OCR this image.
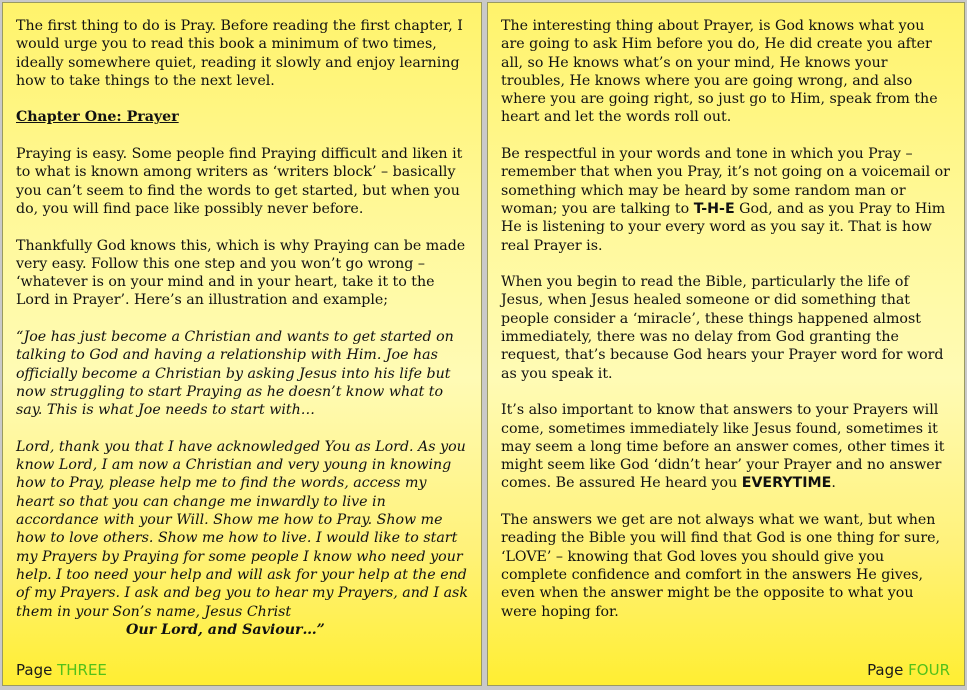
The first thing to do is Pray. Before reading the first chapter, I would urge you to read this book a minimum of two times, ideally somewhere quiet, reading it slowly and enjoy learning how to take things to the next level.

Chapter One: Prayer

Praying is easy. Some people find Praying difficult and liken it to what is known among writers as ‘writers block’ – basically you can’t seem to find the words to get started, but when you do, you will find pace like possibly never before.

Thankfully God knows this, which is why Praying can be made very easy. Follow this one step and you won’t go wrong – ‘whatever is on your mind and in your heart, take it to the Lord in Prayer’. Here’s an illustration and example;

“Joe has just become a Christian and wants to get started on talking to God and having a relationship with Him. Joe has officially become a Christian by asking Jesus into his life but now struggling to start Praying as he doesn’t know what to say. This is what Joe needs to start with…

Lord, thank you that I have acknowledged You as Lord. As you know Lord, I am now a Christian and very young in knowing how to Pray, please help me to find the words, access my heart so that you can change me inwardly to live in accordance with your Will. Show me how to Pray. Show me how to love others. Show me how to live. I would like to start my Prayers by Praying for some people I know who need your help. I too need your help and will ask for your help at the end of my Prayers. I ask and beg you to hear my Prayers, and I ask them in your Son’s name, Jesus Christ

Our Lord, and Saviour…”
Page THREE

The interesting thing about Prayer, is God knows what you are going to ask Him before you do, He did create you after all, so He knows what’s on your mind, He knows your troubles, He knows where you are going wrong, and also where you are going right, so just go to Him, speak from the heart and let the words roll out.

Be respectful in your words and tone in which you Pray – remember that when you Pray, it’s not going on a voicemail or something which may be heard by some random man or woman; you are talking to T-H-E God, and as you Pray to Him He is listening to your every word as you say it. That is how real Prayer is.

When you begin to read the Bible, particularly the life of Jesus, when Jesus healed someone or did something that people consider a ‘miracle’, these things happened almost immediately, there was no delay from God granting the request, that’s because God hears your Prayer word for word as you speak it.

It’s also important to know that answers to your Prayers will come, sometimes immediately like Jesus found, sometimes it may seem a long time before an answer comes, other times it might seem like God ‘didn’t hear’ your Prayer and no answer comes. Be assured He heard you EVERYTIME.

The answers we get are not always what we want, but when reading the Bible you will find that God is one thing for sure, ‘LOVE’ – knowing that God loves you should give you complete confidence and comfort in the answers He gives, even when the answer might be the opposite to what you were hoping for.

Page FOUR
